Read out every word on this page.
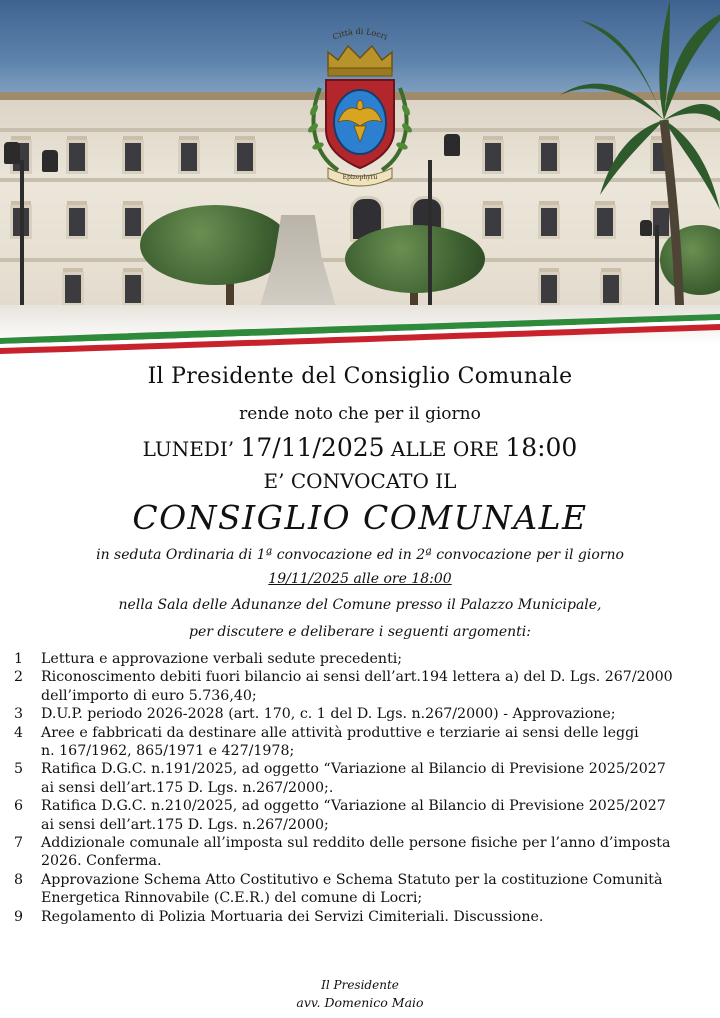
Città di Locri
Epizephyrii
Il Presidente del Consiglio Comunale
rende noto che per il giorno
LUNEDI’ 17/11/2025 ALLE ORE 18:00
E’ CONVOCATO IL
CONSIGLIO COMUNALE
in seduta Ordinaria di 1ª convocazione ed in 2ª convocazione per il giorno
19/11/2025 alle ore 18:00
nella Sala delle Adunanze del Comune presso il Palazzo Municipale,
per discutere e deliberare i seguenti argomenti:
1	Lettura e approvazione verbali sedute precedenti;
2	Riconoscimento debiti fuori bilancio ai sensi dell’art.194 lettera a) del D. Lgs. 267/2000
dell’importo di euro 5.736,40;
3	D.U.P. periodo 2026-2028 (art. 170, c. 1 del D. Lgs. n.267/2000) - Approvazione;
4	Aree e fabbricati da destinare alle attività produttive e terziarie ai sensi delle leggi
n. 167/1962, 865/1971 e 427/1978;
5	Ratifica D.G.C. n.191/2025, ad oggetto “Variazione al Bilancio di Previsione 2025/2027
ai sensi dell’art.175 D. Lgs. n.267/2000;.
6	Ratifica D.G.C. n.210/2025, ad oggetto “Variazione al Bilancio di Previsione 2025/2027
ai sensi dell’art.175 D. Lgs. n.267/2000;
7	Addizionale comunale all’imposta sul reddito delle persone fisiche per l’anno d’imposta
2026. Conferma.
8	Approvazione Schema Atto Costitutivo e Schema Statuto per la costituzione Comunità
Energetica Rinnovabile (C.E.R.) del comune di Locri;
9	Regolamento di Polizia Mortuaria dei Servizi Cimiteriali. Discussione.
Il Presidente
avv. Domenico Maio
